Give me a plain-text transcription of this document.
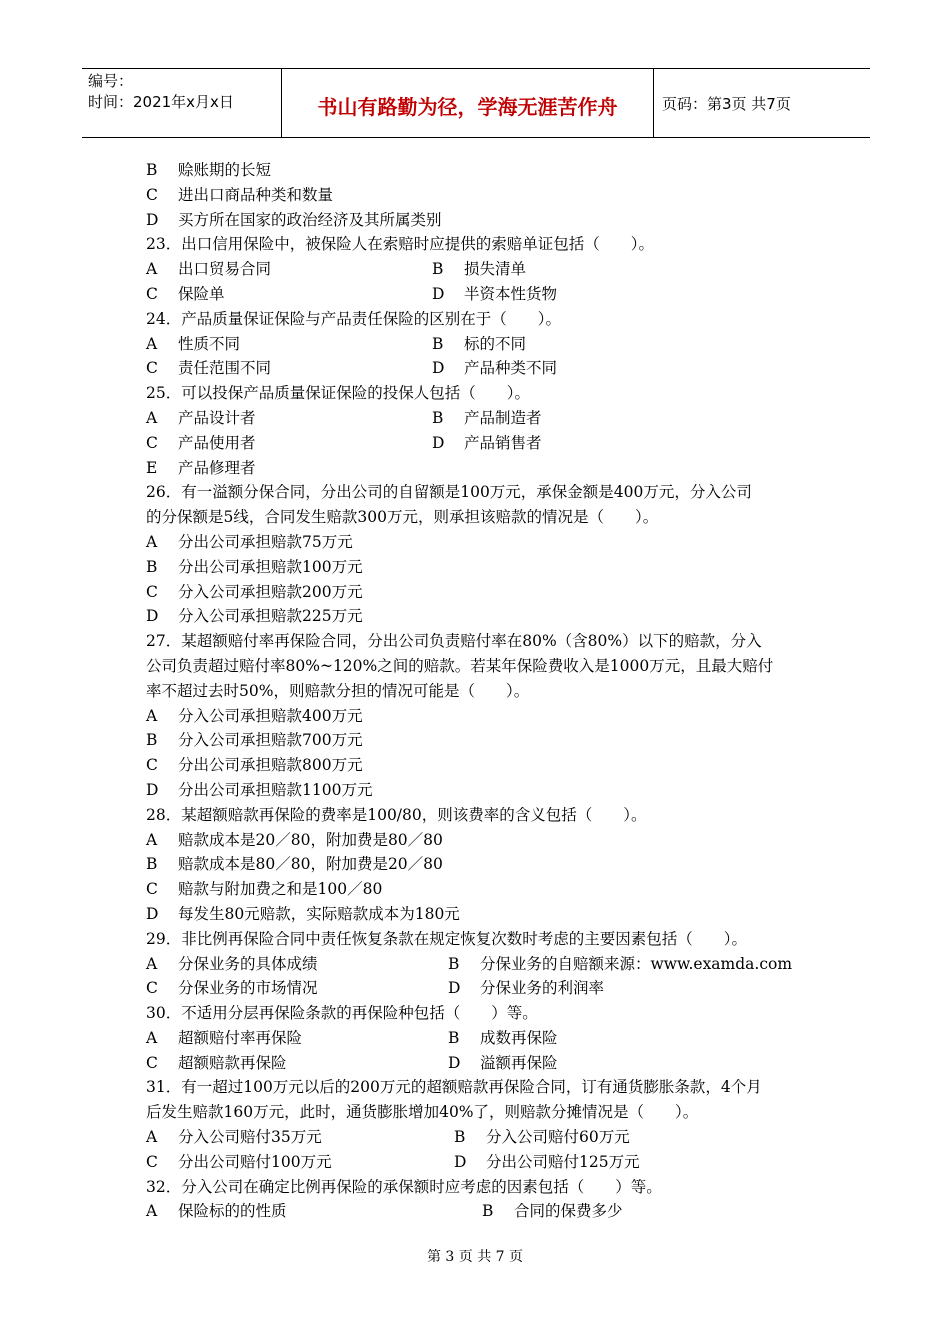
编号：
时间：2021年x月x日	书山有路勤为径，学海无涯苦作舟	页码：第3页 共7页
B 赊账期的长短
C 进出口商品种类和数量
D 买方所在国家的政治经济及其所属类别
23．出口信用保险中，被保险人在索赔时应提供的索赔单证包括（　　）。
A 出口贸易合同	B 损失清单
C 保险单	D 半资本性货物
24．产品质量保证保险与产品责任保险的区别在于（　　）。
A 性质不同	B 标的不同
C 责任范围不同	D 产品种类不同
25．可以投保产品质量保证保险的投保人包括（　　）。
A 产品设计者	B 产品制造者
C 产品使用者	D 产品销售者
E 产品修理者
26．有一溢额分保合同，分出公司的自留额是100万元，承保金额是400万元，分入公司
的分保额是5线，合同发生赔款300万元，则承担该赔款的情况是（　　）。
A 分出公司承担赔款75万元
B 分出公司承担赔款100万元
C 分入公司承担赔款200万元
D 分入公司承担赔款225万元
27．某超额赔付率再保险合同，分出公司负责赔付率在80%（含80%）以下的赔款，分入
公司负责超过赔付率80%~120%之间的赔款。若某年保险费收入是1000万元，且最大赔付
率不超过去时50%，则赔款分担的情况可能是（　　）。
A 分入公司承担赔款400万元
B 分入公司承担赔款700万元
C 分出公司承担赔款800万元
D 分出公司承担赔款1100万元
28．某超额赔款再保险的费率是100/80，则该费率的含义包括（　　）。
A 赔款成本是20／80，附加费是80／80
B 赔款成本是80／80，附加费是20／80
C 赔款与附加费之和是100／80
D 每发生80元赔款，实际赔款成本为180元
29．非比例再保险合同中责任恢复条款在规定恢复次数时考虑的主要因素包括（　　）。
A 分保业务的具体成绩	B 分保业务的自赔额来源：www.examda.com
C 分保业务的市场情况	D 分保业务的利润率
30．不适用分层再保险条款的再保险种包括（　　）等。
A 超额赔付率再保险	B 成数再保险
C 超额赔款再保险	D 溢额再保险
31．有一超过100万元以后的200万元的超额赔款再保险合同，订有通货膨胀条款，4个月
后发生赔款160万元，此时，通货膨胀增加40%了，则赔款分摊情况是（　　）。
A 分入公司赔付35万元	B 分入公司赔付60万元
C 分出公司赔付100万元	D 分出公司赔付125万元
32．分入公司在确定比例再保险的承保额时应考虑的因素包括（　　）等。
A 保险标的的性质	B 合同的保费多少
第 3 页 共 7 页
